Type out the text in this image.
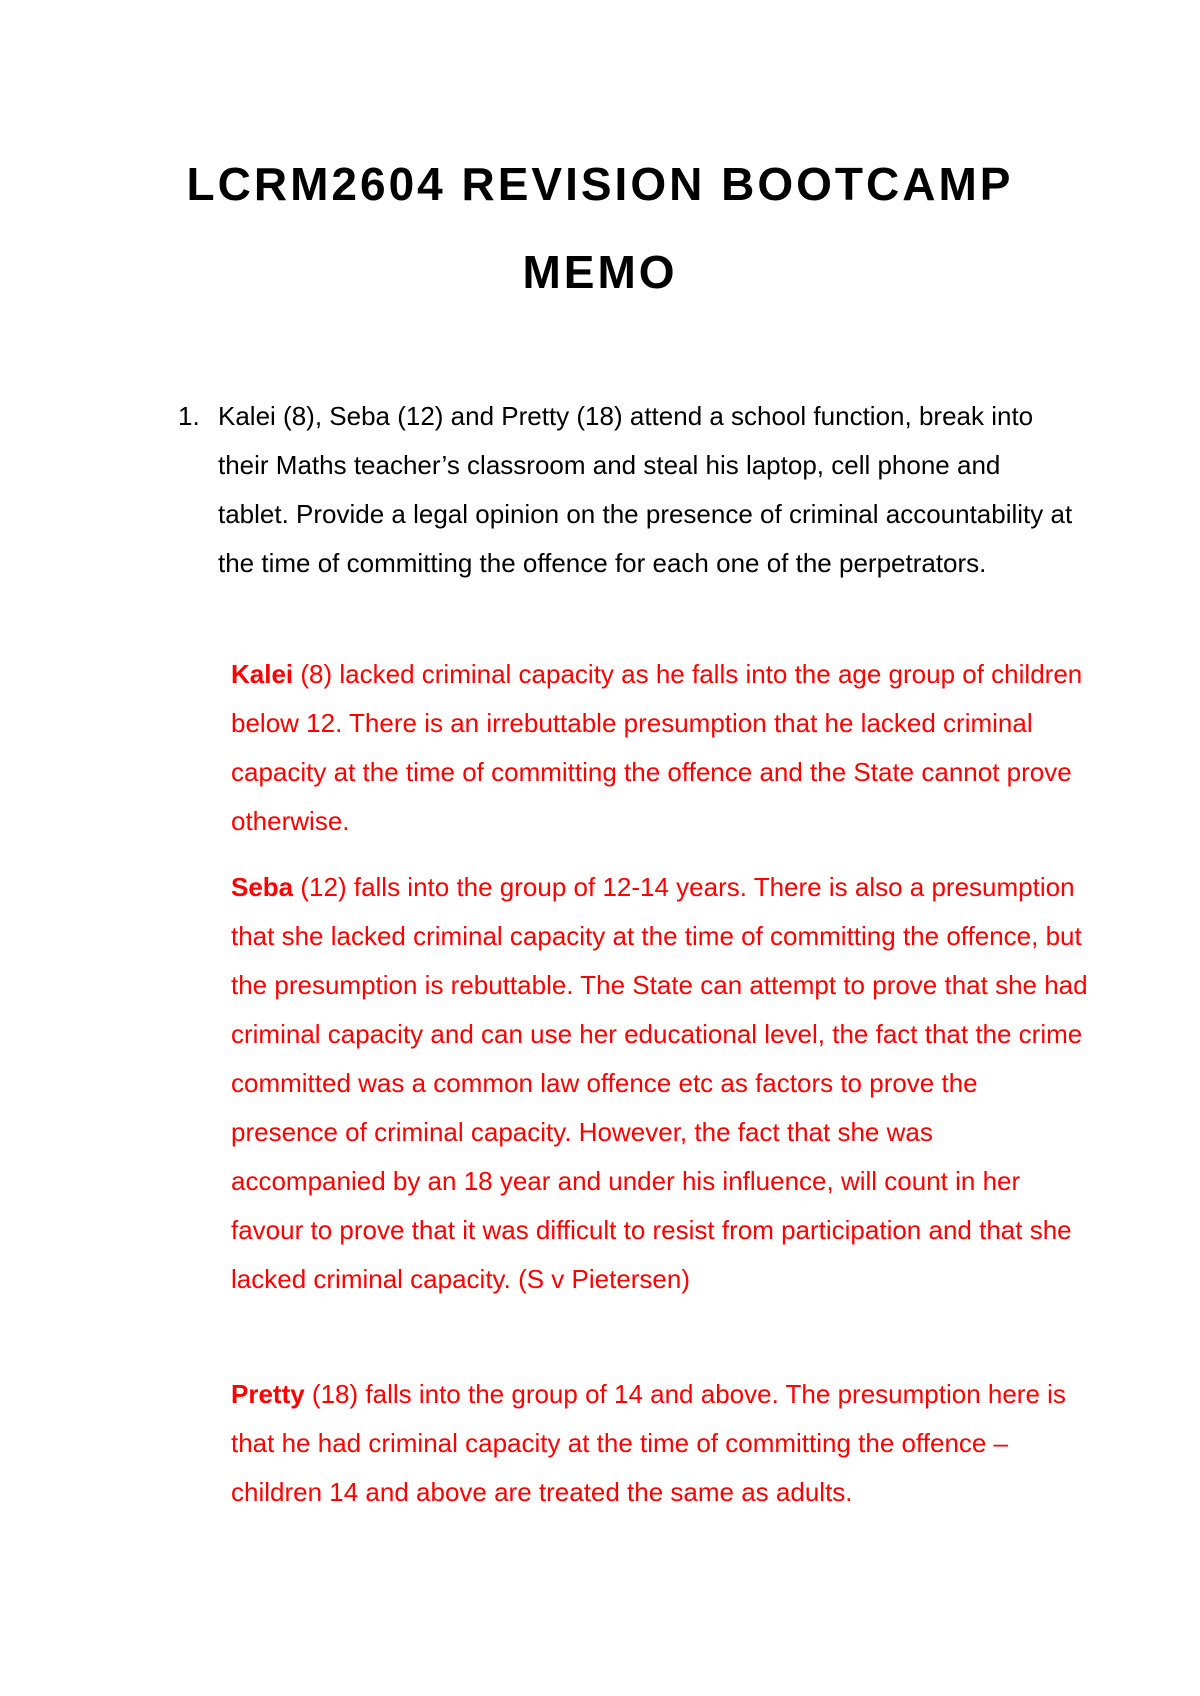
LCRM2604 REVISION BOOTCAMP
MEMO
1. Kalei (8), Seba (12) and Pretty (18) attend a school function, break into their Maths teacher’s classroom and steal his laptop, cell phone and tablet. Provide a legal opinion on the presence of criminal accountability at the time of committing the offence for each one of the perpetrators.
Kalei (8) lacked criminal capacity as he falls into the age group of children below 12. There is an irrebuttable presumption that he lacked criminal capacity at the time of committing the offence and the State cannot prove otherwise.
Seba (12) falls into the group of 12-14 years. There is also a presumption that she lacked criminal capacity at the time of committing the offence, but the presumption is rebuttable. The State can attempt to prove that she had criminal capacity and can use her educational level, the fact that the crime committed was a common law offence etc as factors to prove the presence of criminal capacity. However, the fact that she was accompanied by an 18 year and under his influence, will count in her favour to prove that it was difficult to resist from participation and that she lacked criminal capacity. (S v Pietersen)
Pretty (18) falls into the group of 14 and above. The presumption here is that he had criminal capacity at the time of committing the offence – children 14 and above are treated the same as adults.
